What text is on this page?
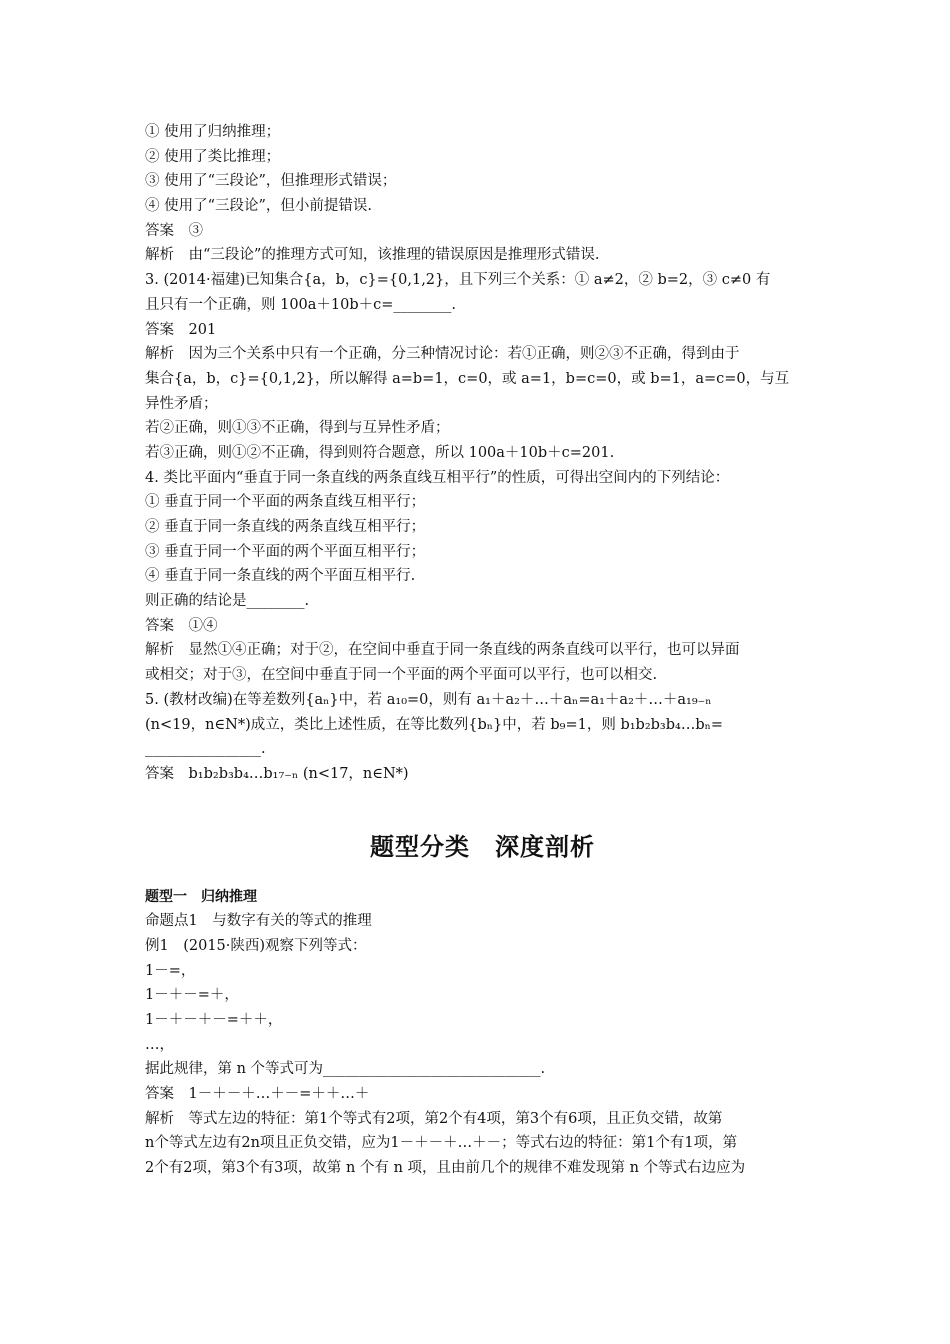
① 使用了归纳推理；
② 使用了类比推理；
③ 使用了“三段论”，但推理形式错误；
④ 使用了“三段论”，但小前提错误.
答案　③
解析　由“三段论”的推理方式可知，该推理的错误原因是推理形式错误.
3. (2014·福建)已知集合{a，b，c}={0,1,2}，且下列三个关系：① a≠2，② b=2，③ c≠0 有
且只有一个正确，则 100a＋10b＋c=________.
答案　201
解析　因为三个关系中只有一个正确，分三种情况讨论：若①正确，则②③不正确，得到由于
集合{a，b，c}={0,1,2}，所以解得 a=b=1，c=0，或 a=1，b=c=0，或 b=1，a=c=0，与互
异性矛盾；
若②正确，则①③不正确，得到与互异性矛盾；
若③正确，则①②不正确，得到则符合题意，所以 100a＋10b＋c=201.
4. 类比平面内“垂直于同一条直线的两条直线互相平行”的性质，可得出空间内的下列结论：
① 垂直于同一个平面的两条直线互相平行；
② 垂直于同一条直线的两条直线互相平行；
③ 垂直于同一个平面的两个平面互相平行；
④ 垂直于同一条直线的两个平面互相平行.
则正确的结论是________.
答案　①④
解析　显然①④正确；对于②，在空间中垂直于同一条直线的两条直线可以平行，也可以异面
或相交；对于③，在空间中垂直于同一个平面的两个平面可以平行，也可以相交.
5. (教材改编)在等差数列{aₙ}中，若 a₁₀=0，则有 a₁＋a₂＋…＋aₙ=a₁＋a₂＋…＋a₁₉₋ₙ
(n<19，n∈N*)成立，类比上述性质，在等比数列{bₙ}中，若 b₉=1，则 b₁b₂b₃b₄…bₙ=
________________.
答案　b₁b₂b₃b₄…b₁₇₋ₙ (n<17，n∈N*)
题型分类　深度剖析
题型一　归纳推理
命题点1　与数字有关的等式的推理
例1　(2015·陕西)观察下列等式：
1－=，
1－＋－=＋，
1－＋－＋－=＋＋，
…，
据此规律，第 n 个等式可为______________________________.
答案　1－＋－＋…＋－=＋＋…＋
解析　等式左边的特征：第1个等式有2项，第2个有4项，第3个有6项，且正负交错，故第
n个等式左边有2n项且正负交错，应为1－＋－＋…＋－；等式右边的特征：第1个有1项，第
2个有2项，第3个有3项，故第 n 个有 n 项，且由前几个的规律不难发现第 n 个等式右边应为
